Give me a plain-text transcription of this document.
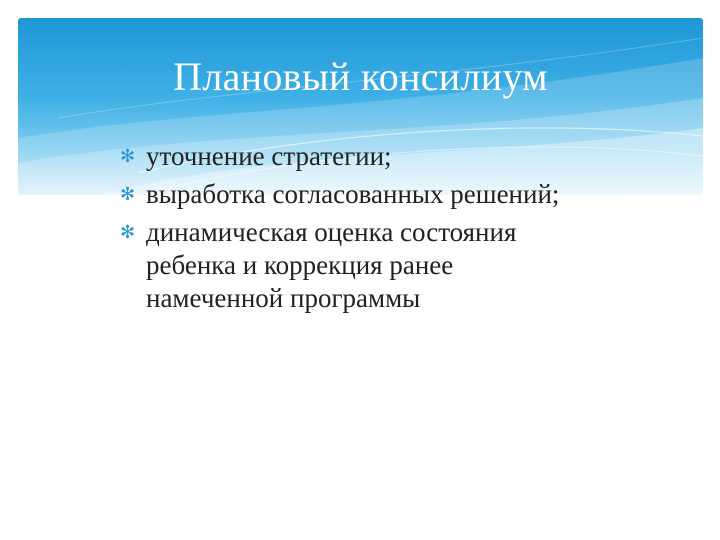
Плановый консилиум
✻ уточнение стратегии;
✻ выработка согласованных решений;
✻ динамическая оценка состояния ребенка и коррекция ранее намеченной программы
